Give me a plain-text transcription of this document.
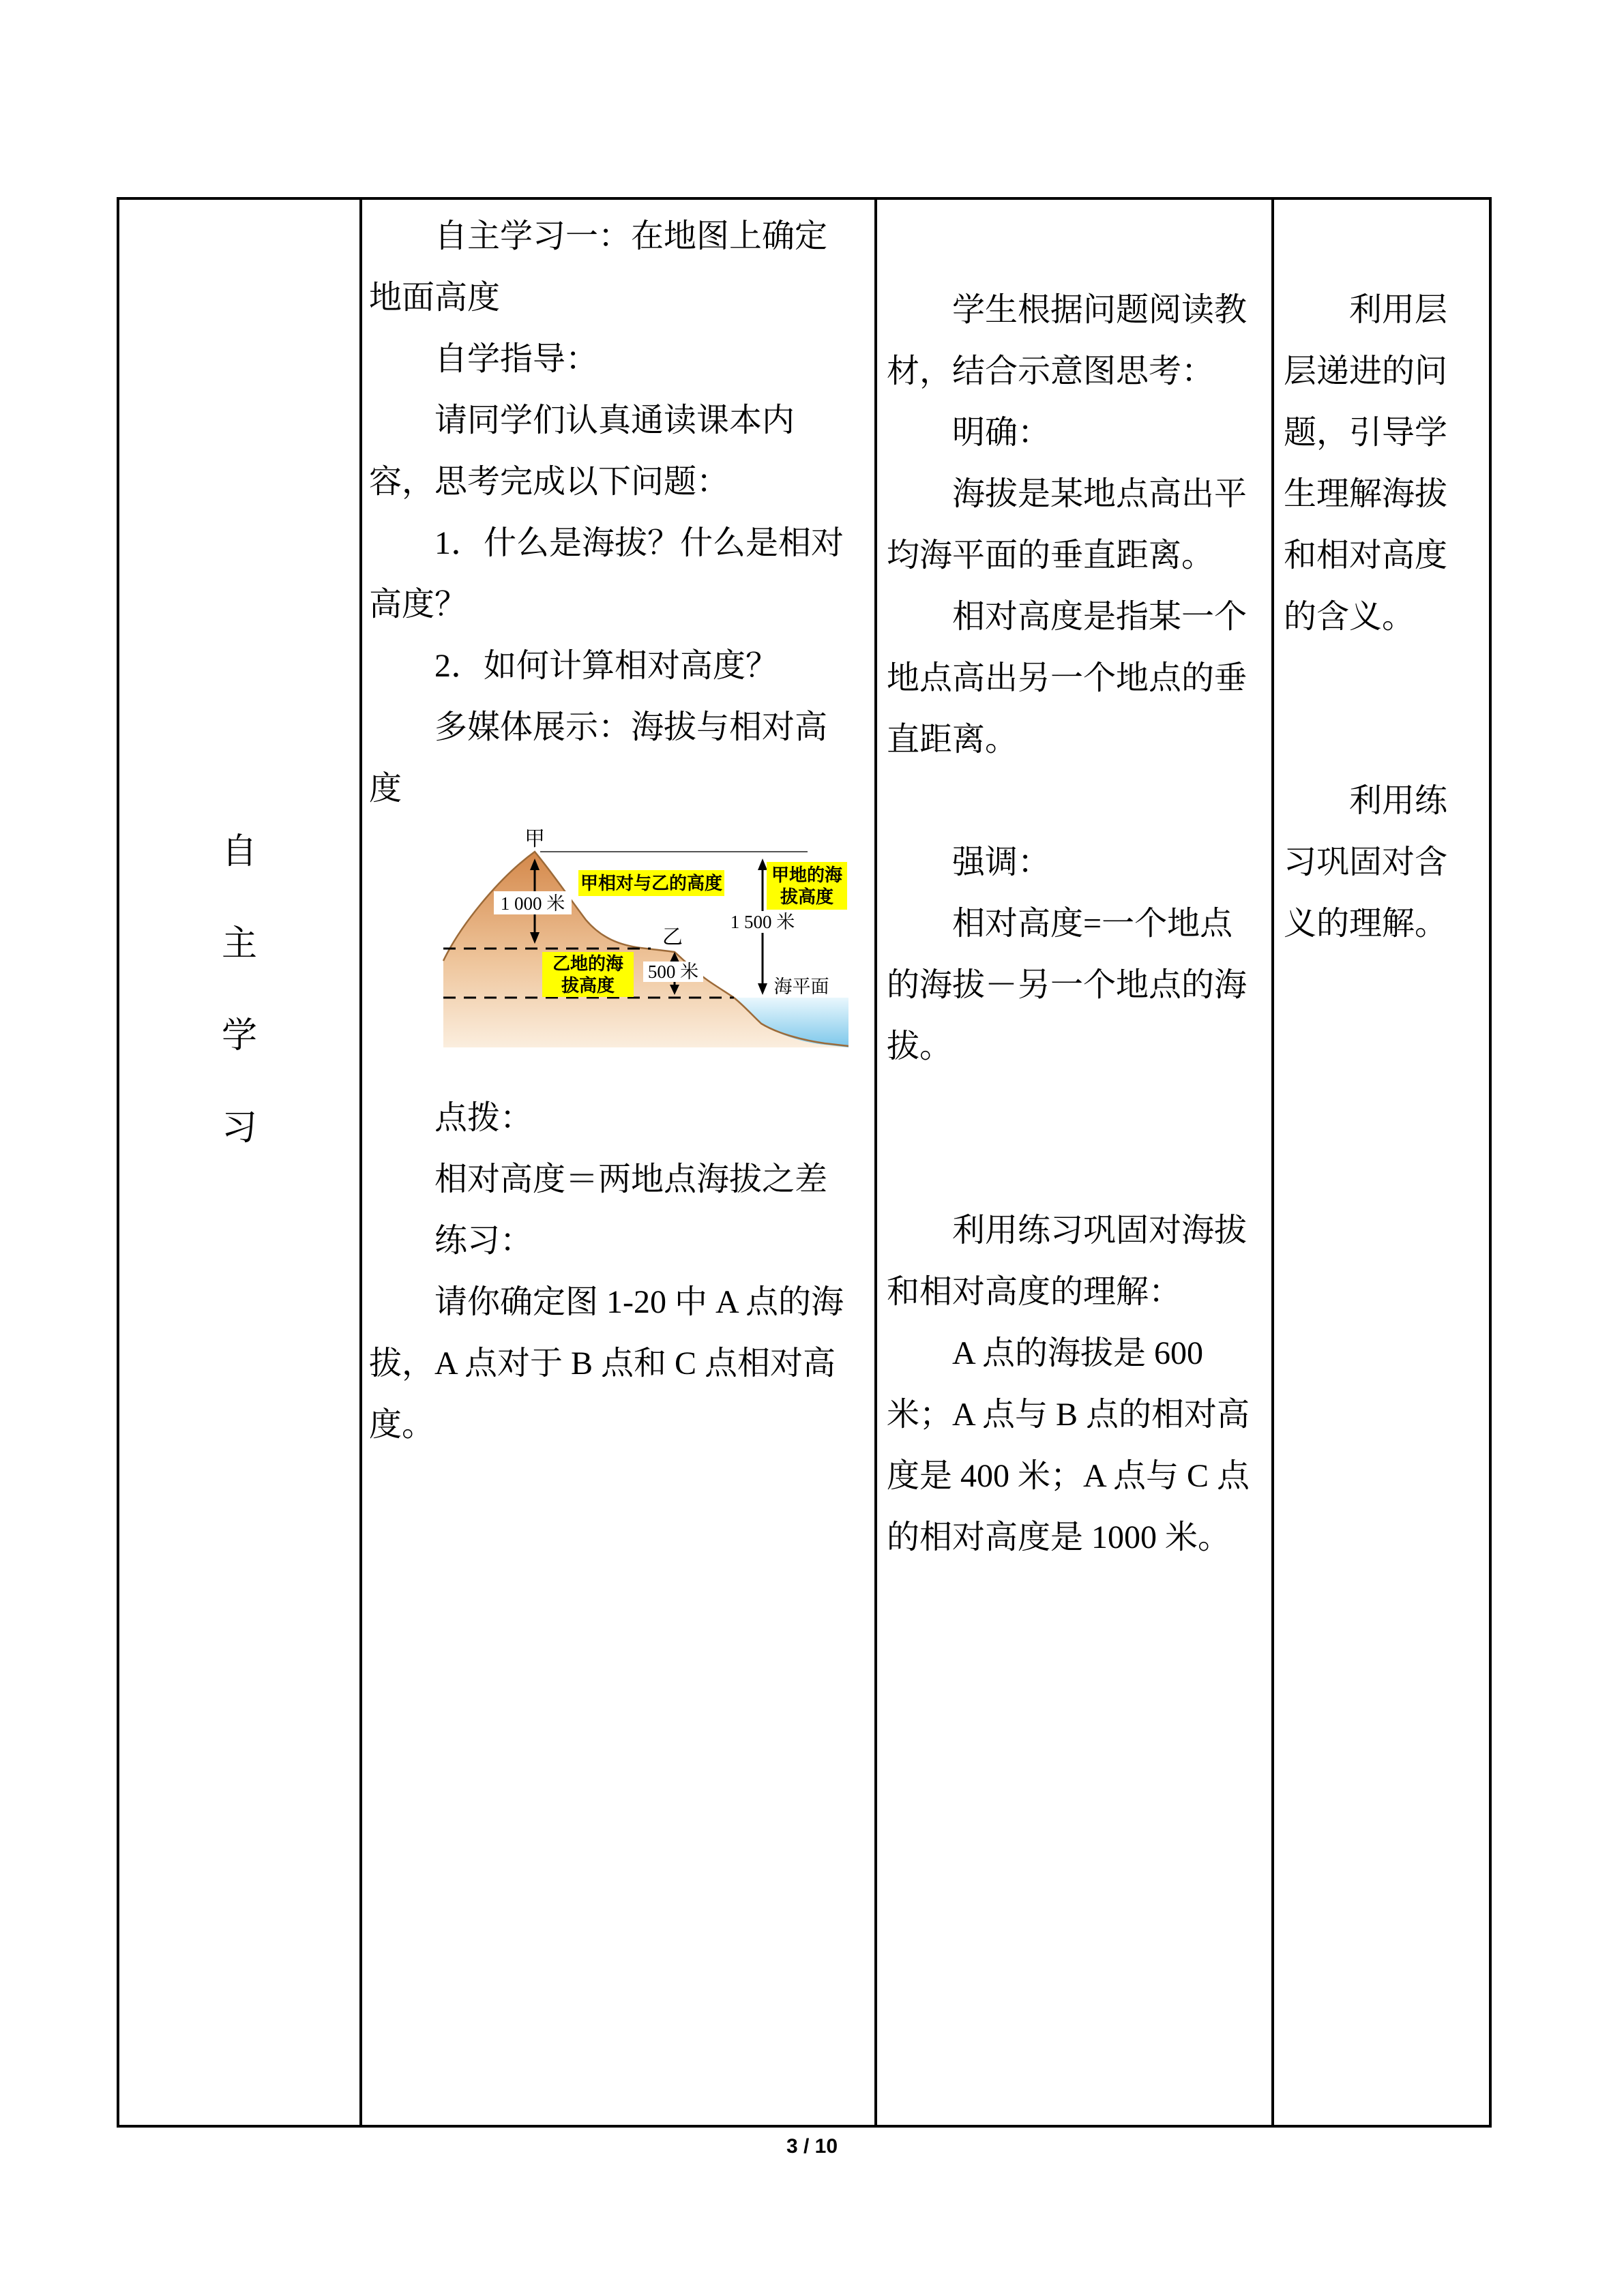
自
主
学
习
自主学习一：在地图上确定
地面高度
自学指导：
请同学们认真通读课本内
容，思考完成以下问题：
1．什么是海拔？什么是相对
高度？
2．如何计算相对高度？
多媒体展示：海拔与相对高
度
点拨：
相对高度＝两地点海拔之差
练习：
请你确定图 1-20 中 A 点的海
拔，A 点对于 B 点和 C 点相对高
度。
甲
乙
1 000 米
甲相对与乙的高度	甲地的海
拔高度
1 500 米
乙地的海
拔高度
500 米
海平面
学生根据问题阅读教
材，结合示意图思考：
明确：
海拔是某地点高出平
均海平面的垂直距离。
相对高度是指某一个
地点高出另一个地点的垂
直距离。
强调：
相对高度=一个地点
的海拔－另一个地点的海
拔。
利用练习巩固对海拔
和相对高度的理解：
A 点的海拔是 600
米；A 点与 B 点的相对高
度是 400 米；A 点与 C 点
的相对高度是 1000 米。
利用层
层递进的问
题，引导学
生理解海拔
和相对高度
的含义。
利用练
习巩固对含
义的理解。
3 / 10
